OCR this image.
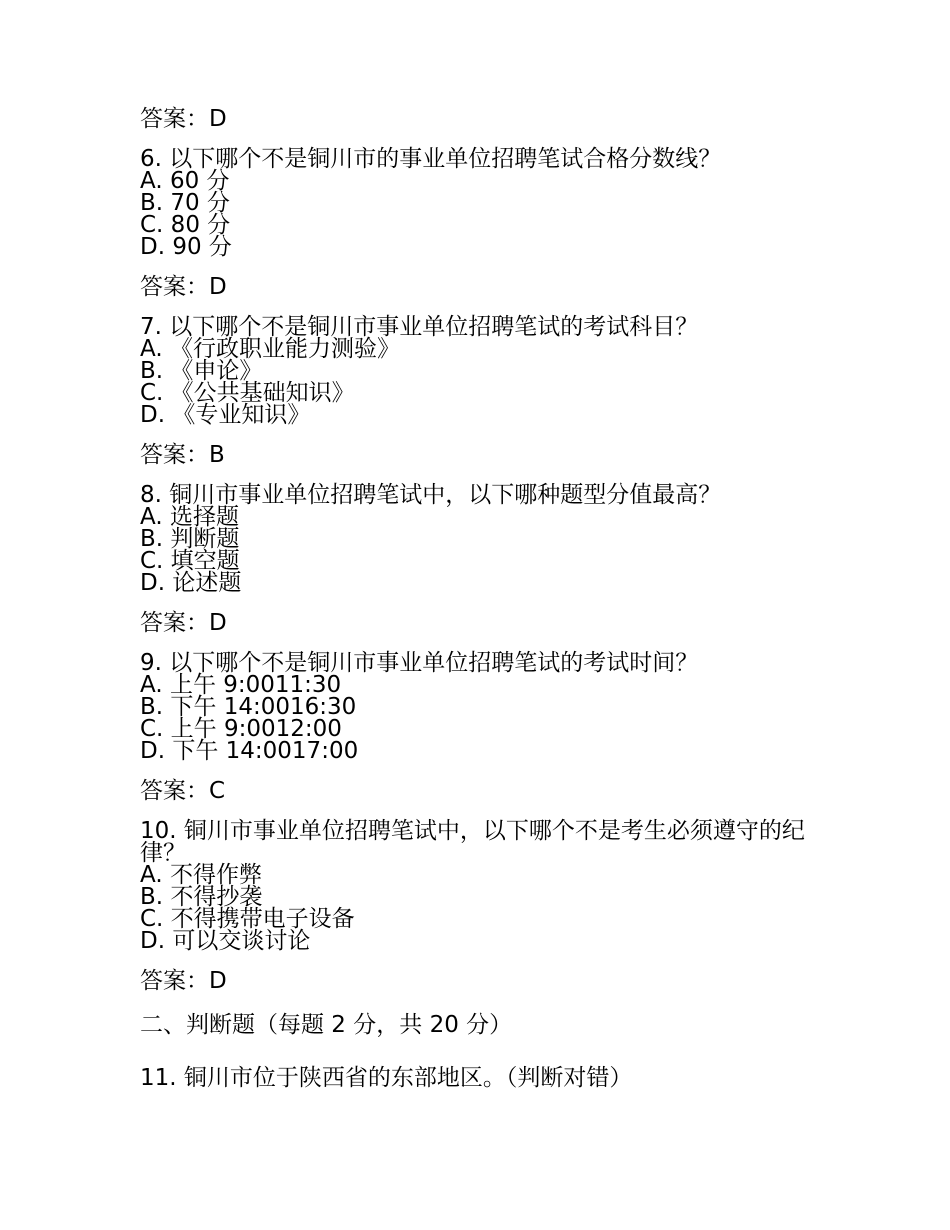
答案：D

6. 以下哪个不是铜川市的事业单位招聘笔试合格分数线？

A. 60 分

B. 70 分

C. 80 分

D. 90 分

答案：D

7. 以下哪个不是铜川市事业单位招聘笔试的考试科目？

A. 《行政职业能力测验》

B. 《申论》

C. 《公共基础知识》

D. 《专业知识》

答案：B

8. 铜川市事业单位招聘笔试中，以下哪种题型分值最高？

A. 选择题

B. 判断题

C. 填空题

D. 论述题

答案：D

9. 以下哪个不是铜川市事业单位招聘笔试的考试时间？

A. 上午 9:0011:30

B. 下午 14:0016:30

C. 上午 9:0012:00

D. 下午 14:0017:00

答案：C

10. 铜川市事业单位招聘笔试中，以下哪个不是考生必须遵守的纪律？

A. 不得作弊

B. 不得抄袭

C. 不得携带电子设备

D. 可以交谈讨论

答案：D

二、判断题（每题 2 分，共 20 分）

11. 铜川市位于陕西省的东部地区。（判断对错）
